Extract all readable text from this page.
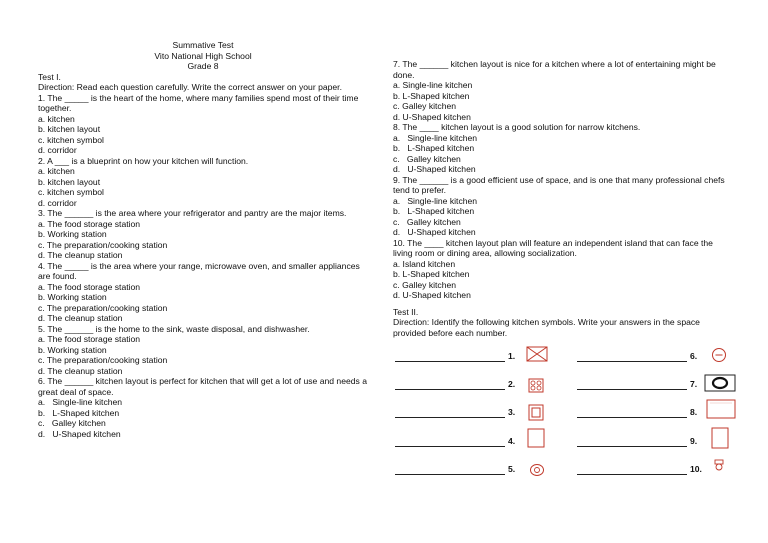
Summative Test
Vito National High School
Grade 8
Test I.
Direction: Read each question carefully. Write the correct answer on your paper.
1. The _____ is the heart of the home, where many families spend most of their time together.
a. kitchen
b. kitchen layout
c. kitchen symbol
d. corridor
2. A ___ is a blueprint on how your kitchen will function.
a. kitchen
b. kitchen layout
c. kitchen symbol
d. corridor
3. The ______ is the area where your refrigerator and pantry are the major items.
a. The food storage station
b. Working station
c. The preparation/cooking station
d. The cleanup station
4. The _____ is the area where your range, microwave oven, and smaller appliances are found.
a. The food storage station
b. Working station
c. The preparation/cooking station
d. The cleanup station
5. The ______ is the home to the sink, waste disposal, and dishwasher.
a. The food storage station
b. Working station
c. The preparation/cooking station
d. The cleanup station
6. The ______ kitchen layout is perfect for kitchen that will get a lot of use and needs a great deal of space.
a.   Single-line kitchen
b.   L-Shaped kitchen
c.   Galley kitchen
d.   U-Shaped kitchen
7. The ______ kitchen layout is nice for a kitchen where a lot of entertaining might be done.
a. Single-line kitchen
b. L-Shaped kitchen
c. Galley kitchen
d. U-Shaped kitchen
8. The ____ kitchen layout is a good solution for narrow kitchens.
a.   Single-line kitchen
b.   L-Shaped kitchen
c.   Galley kitchen
d.   U-Shaped kitchen
9. The ______ is a good efficient use of space, and is one that many professional chefs tend to prefer.
a.   Single-line kitchen
b.   L-Shaped kitchen
c.   Galley kitchen
d.   U-Shaped kitchen
10. The ____ kitchen layout plan will feature an independent island that can face the living room or dining area, allowing socialization.
a. Island kitchen
b. L-Shaped kitchen
c. Galley kitchen
d. U-Shaped kitchen
Test II.
Direction: Identify the following kitchen symbols. Write your answers in the space provided before each number.
1.
2.
3.
4.
5.
6.
7.
8.
9.
10.
